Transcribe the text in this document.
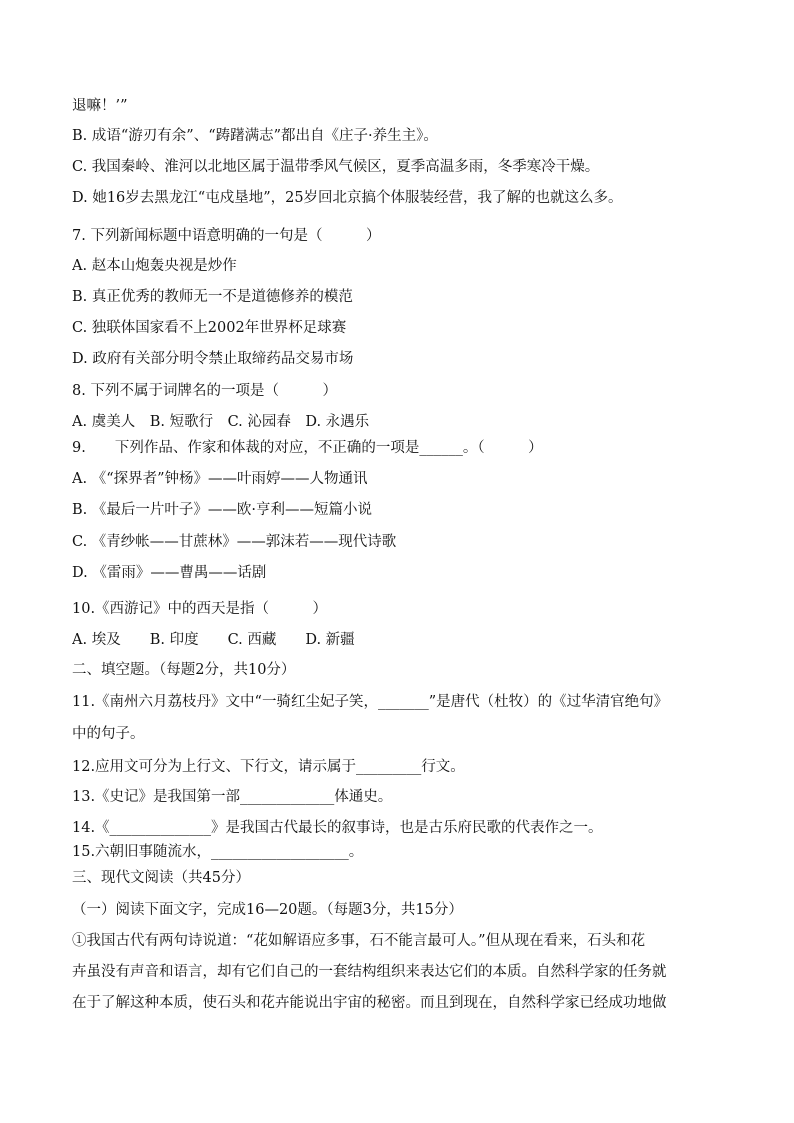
退嘛！’”
B. 成语“游刃有余”、“踌躇满志”都出自《庄子·养生主》。
C. 我国秦岭、淮河以北地区属于温带季风气候区，夏季高温多雨，冬季寒冷干燥。
D. 她16岁去黑龙江“屯戍垦地”，25岁回北京搞个体服装经营，我了解的也就这么多。
7. 下列新闻标题中语意明确的一句是（　　　）
A. 赵本山炮轰央视是炒作
B. 真正优秀的教师无一不是道德修养的模范
C. 独联体国家看不上2002年世界杯足球赛
D. 政府有关部分明令禁止取缔药品交易市场
8. 下列不属于词牌名的一项是（　　　）
A. 虞美人　B. 短歌行　C. 沁园春　D. 永遇乐
9.　　下列作品、作家和体裁的对应，不正确的一项是______。（　　　）
A. 《“探界者”钟杨》——叶雨婷——人物通讯
B. 《最后一片叶子》——欧·亨利——短篇小说
C. 《青纱帐——甘蔗林》——郭沫若——现代诗歌
D. 《雷雨》——曹禺——话剧
10.《西游记》中的西天是指（　　　）
A. 埃及　　B. 印度　　C. 西藏　　D. 新疆
二、填空题。（每题2分，共10分）
11.《南州六月荔枝丹》文中“一骑红尘妃子笑，_______”是唐代（杜牧）的《过华清官绝句》
中的句子。
12.应用文可分为上行文、下行文，请示属于_________行文。
13.《史记》是我国第一部_____________体通史。
14.《______________》是我国古代最长的叙事诗，也是古乐府民歌的代表作之一。
15.六朝旧事随流水，___________________。
三、现代文阅读（共45分）
（一）阅读下面文字，完成16—20题。（每题3分，共15分）
①我国古代有两句诗说道：“花如解语应多事，石不能言最可人。”但从现在看来，石头和花
卉虽没有声音和语言，却有它们自己的一套结构组织来表达它们的本质。自然科学家的任务就
在于了解这种本质，使石头和花卉能说出宇宙的秘密。而且到现在，自然科学家已经成功地做
